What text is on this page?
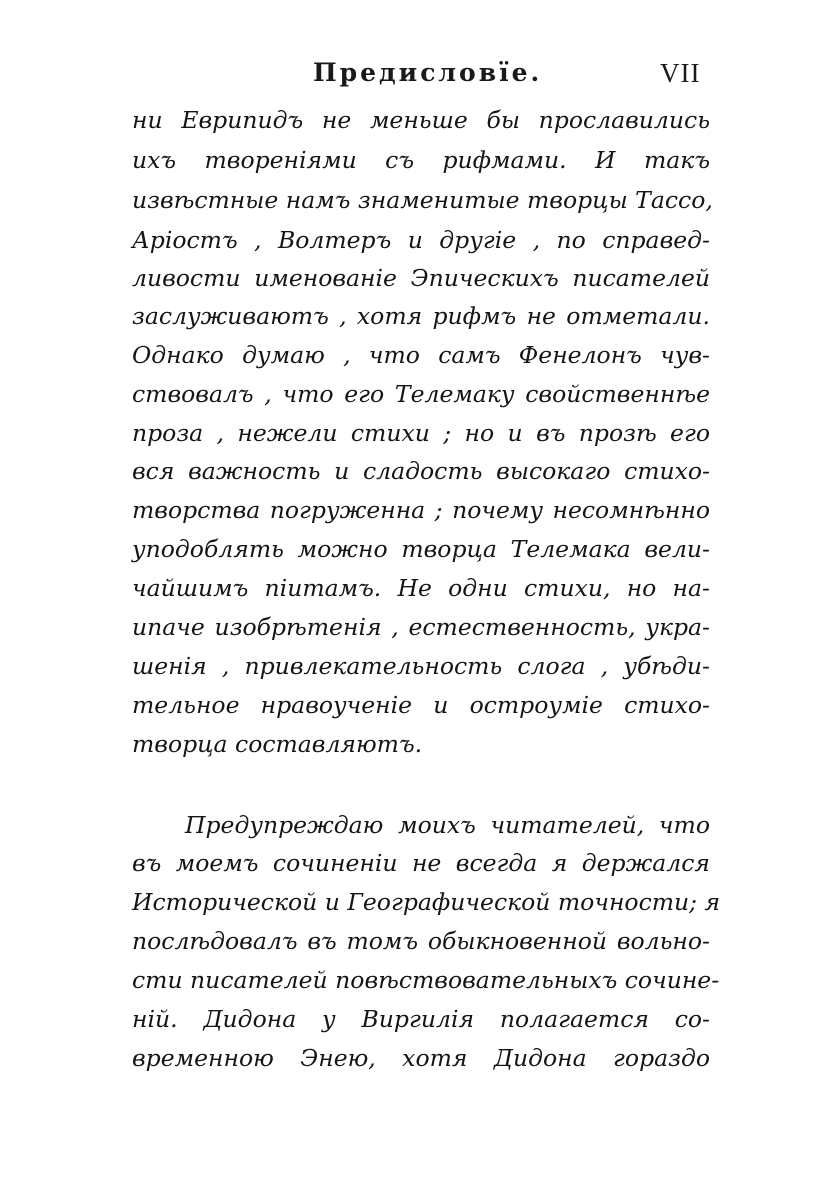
Предисловїе.	VII
ни Еврипидъ не меньше бы прославились
ихъ творенiями съ рифмами. И такъ
извѣстные намъ знаменитые творцы Тассо,
Арiостъ , Волтеръ и другiе , по справед-
ливости именованiе Эпическихъ писателей
заслуживаютъ , хотя рифмъ не отметали.
Однако думаю , что самъ Фенелонъ чув-
ствовалъ , что его Телемаку свойственнѣе
проза , нежели стихи ; но и въ прозѣ его
вся важность и сладость высокаго стихо-
творства погруженна ; почему несомнѣнно
уподоблять можно творца Телемака вели-
чайшимъ пiитамъ. Не одни стихи, но на-
ипаче изобрѣтенiя , естественность, укра-
шенiя , привлекательность слога , убѣди-
тельное нравоученiе и остроумiе стихо-
творца составляютъ.
Предупреждаю моихъ читателей, что
въ моемъ сочиненiи не всегда я держался
Исторической и Географической точности; я
послѣдовалъ въ томъ обыкновенной вольно-
сти писателей повѣствовательныхъ сочине-
нiй. Дидона у Виргилiя полагается со-
временною Энею, хотя Дидона гораздо
